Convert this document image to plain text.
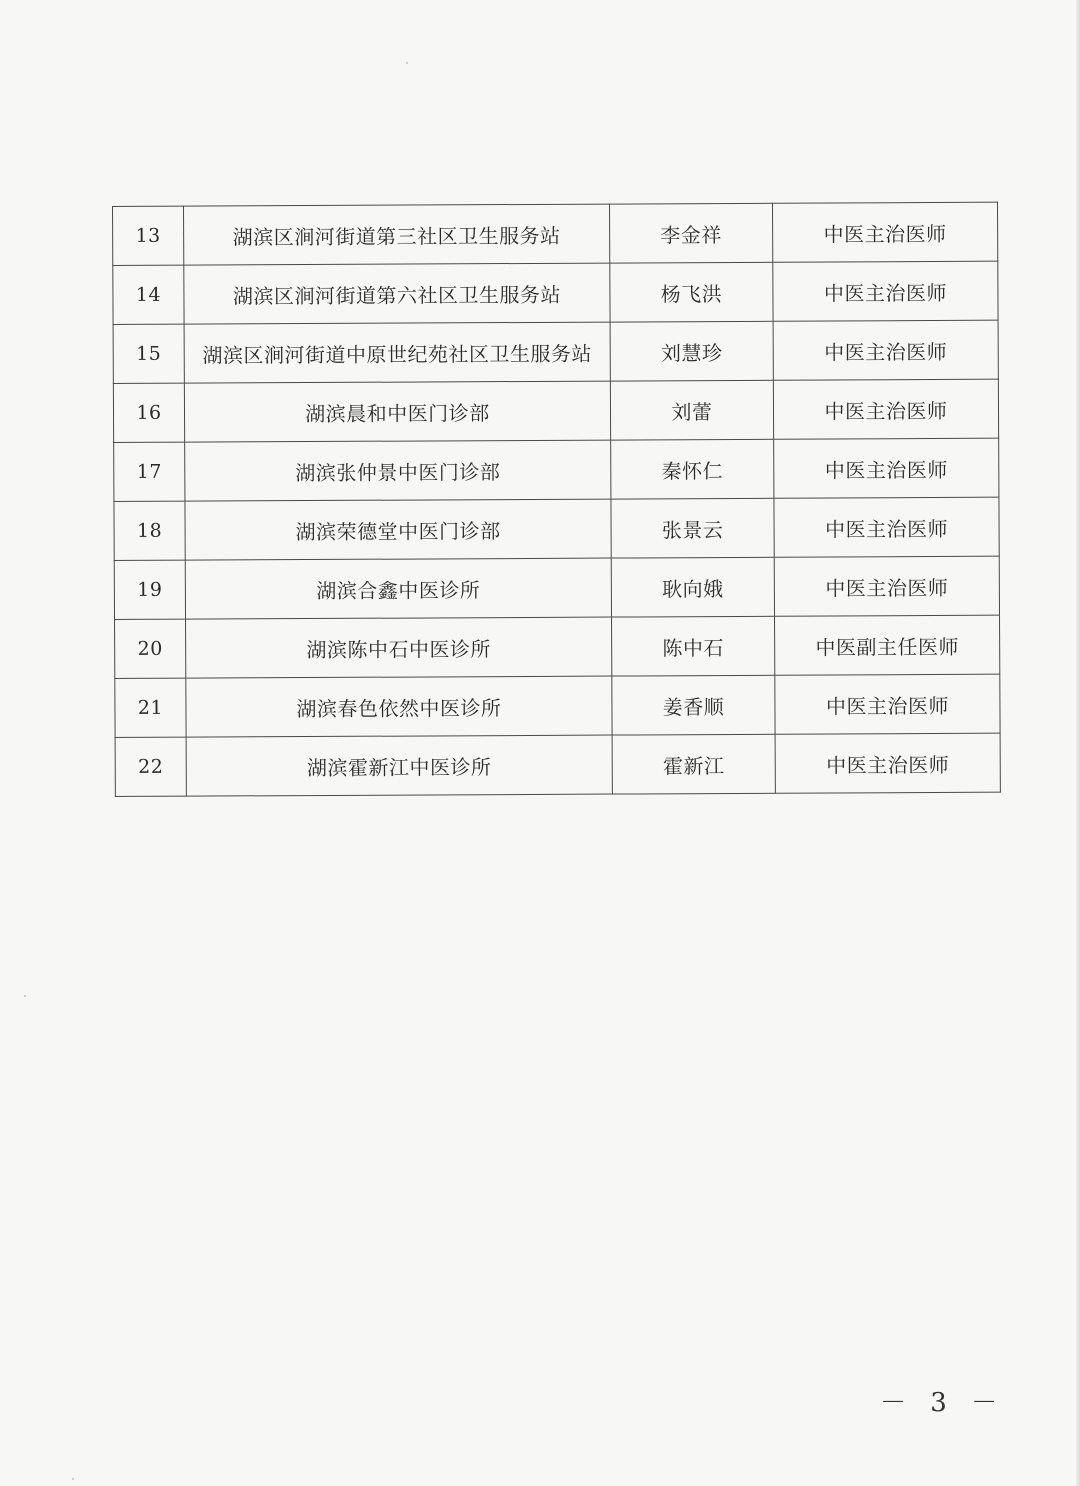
13	湖滨区涧河街道第三社区卫生服务站	李金祥	中医主治医师
14	湖滨区涧河街道第六社区卫生服务站	杨飞洪	中医主治医师
15	湖滨区涧河街道中原世纪苑社区卫生服务站	刘慧珍	中医主治医师
16	湖滨晨和中医门诊部	刘蕾	中医主治医师
17	湖滨张仲景中医门诊部	秦怀仁	中医主治医师
18	湖滨荣德堂中医门诊部	张景云	中医主治医师
19	湖滨合鑫中医诊所	耿向娥	中医主治医师
20	湖滨陈中石中医诊所	陈中石	中医副主任医师
21	湖滨春色依然中医诊所	姜香顺	中医主治医师
22	湖滨霍新江中医诊所	霍新江	中医主治医师
－ 3 －
